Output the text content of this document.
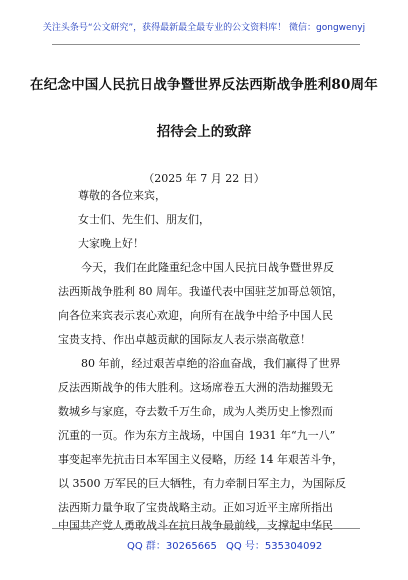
关注头条号“公文研究”，获得最新最全最专业的公文资料库！ 微信：gongwenyj
在纪念中国人民抗日战争暨世界反法西斯战争胜利80周年
招待会上的致辞
（2025 年 7 月 22 日）
尊敬的各位来宾，
女士们、先生们、朋友们，
大家晚上好！
今天，我们在此隆重纪念中国人民抗日战争暨世界反
法西斯战争胜利 80 周年。我谨代表中国驻芝加哥总领馆，
向各位来宾表示衷心欢迎，向所有在战争中给予中国人民
宝贵支持、作出卓越贡献的国际友人表示崇高敬意！
80 年前，经过艰苦卓绝的浴血奋战，我们赢得了世界
反法西斯战争的伟大胜利。这场席卷五大洲的浩劫摧毁无
数城乡与家庭，夺去数千万生命，成为人类历史上惨烈而
沉重的一页。作为东方主战场，中国自 1931 年“九一八”
事变起率先抗击日本军国主义侵略，历经 14 年艰苦斗争，
以 3500 万军民的巨大牺牲，有力牵制日军主力，为国际反
法西斯力量争取了宝贵战略主动。正如习近平主席所指出
中国共产党人勇敢战斗在抗日战争最前线，支撑起中华民
QQ 群：30265665 QQ 号：535304092
